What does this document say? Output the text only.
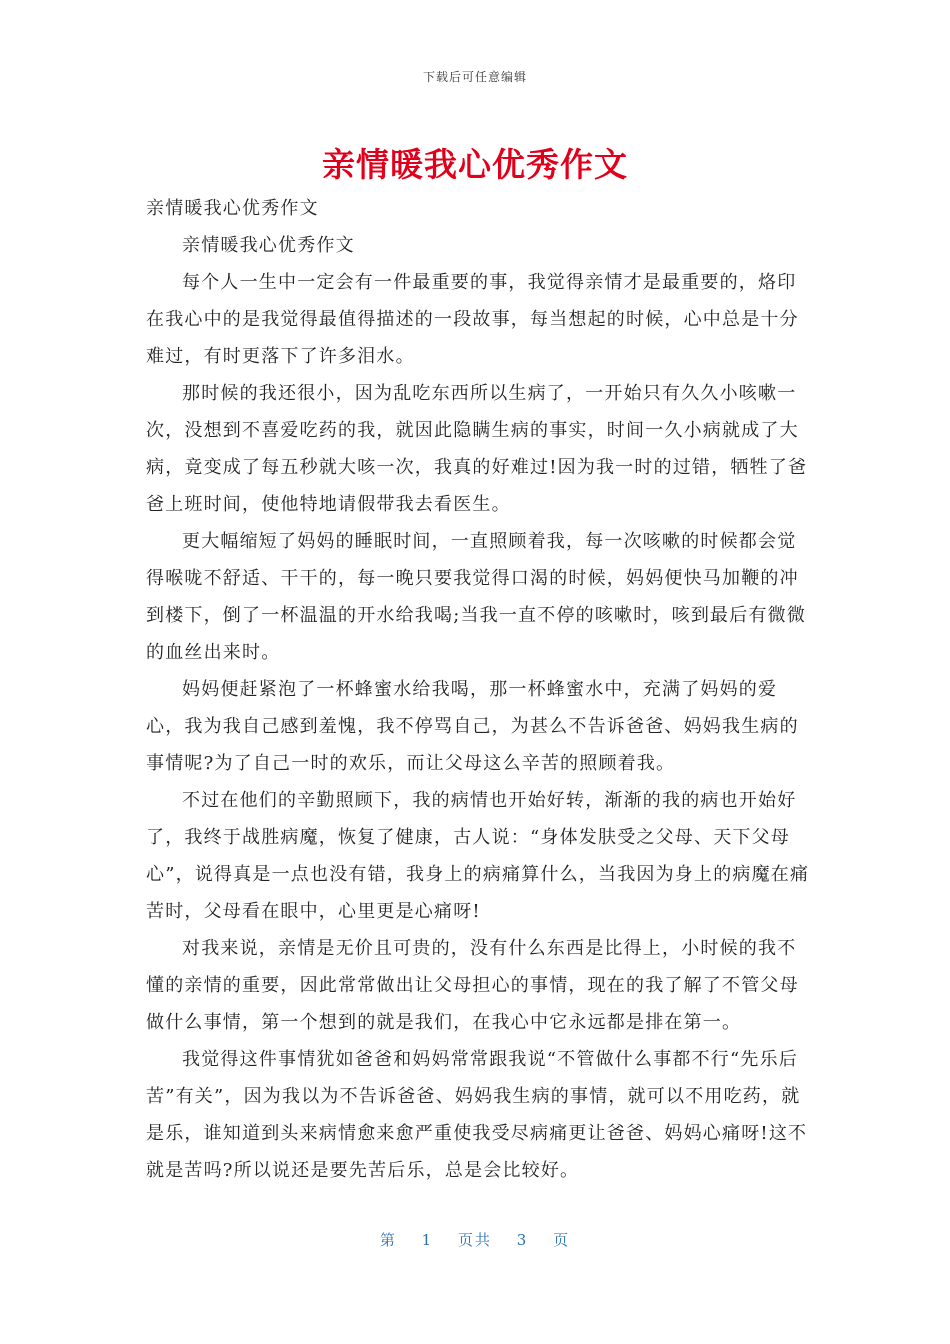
下载后可任意编辑
亲情暖我心优秀作文

亲情暖我心优秀作文

亲情暖我心优秀作文

每个人一生中一定会有一件最重要的事，我觉得亲情才是最重要的，烙印在我心中的是我觉得最值得描述的一段故事，每当想起的时候，心中总是十分难过，有时更落下了许多泪水。

那时候的我还很小，因为乱吃东西所以生病了，一开始只有久久小咳嗽一次，没想到不喜爱吃药的我，就因此隐瞒生病的事实，时间一久小病就成了大病，竟变成了每五秒就大咳一次，我真的好难过!因为我一时的过错，牺牲了爸爸上班时间，使他特地请假带我去看医生。

更大幅缩短了妈妈的睡眠时间，一直照顾着我，每一次咳嗽的时候都会觉得喉咙不舒适、干干的，每一晚只要我觉得口渴的时候，妈妈便快马加鞭的冲到楼下，倒了一杯温温的开水给我喝;当我一直不停的咳嗽时，咳到最后有微微的血丝出来时。

妈妈便赶紧泡了一杯蜂蜜水给我喝，那一杯蜂蜜水中，充满了妈妈的爱心，我为我自己感到羞愧，我不停骂自己，为甚么不告诉爸爸、妈妈我生病的事情呢?为了自己一时的欢乐，而让父母这么辛苦的照顾着我。

不过在他们的辛勤照顾下，我的病情也开始好转，渐渐的我的病也开始好了，我终于战胜病魔，恢复了健康，古人说：“身体发肤受之父母、天下父母心”，说得真是一点也没有错，我身上的病痛算什么，当我因为身上的病魔在痛苦时，父母看在眼中，心里更是心痛呀!

对我来说，亲情是无价且可贵的，没有什么东西是比得上，小时候的我不懂的亲情的重要，因此常常做出让父母担心的事情，现在的我了解了不管父母做什么事情，第一个想到的就是我们，在我心中它永远都是排在第一。

我觉得这件事情犹如爸爸和妈妈常常跟我说“不管做什么事都不行“先乐后苦”有关”，因为我以为不告诉爸爸、妈妈我生病的事情，就可以不用吃药，就是乐，谁知道到头来病情愈来愈严重使我受尽病痛更让爸爸、妈妈心痛呀!这不就是苦吗?所以说还是要先苦后乐，总是会比较好。

第 1 页共 3 页
